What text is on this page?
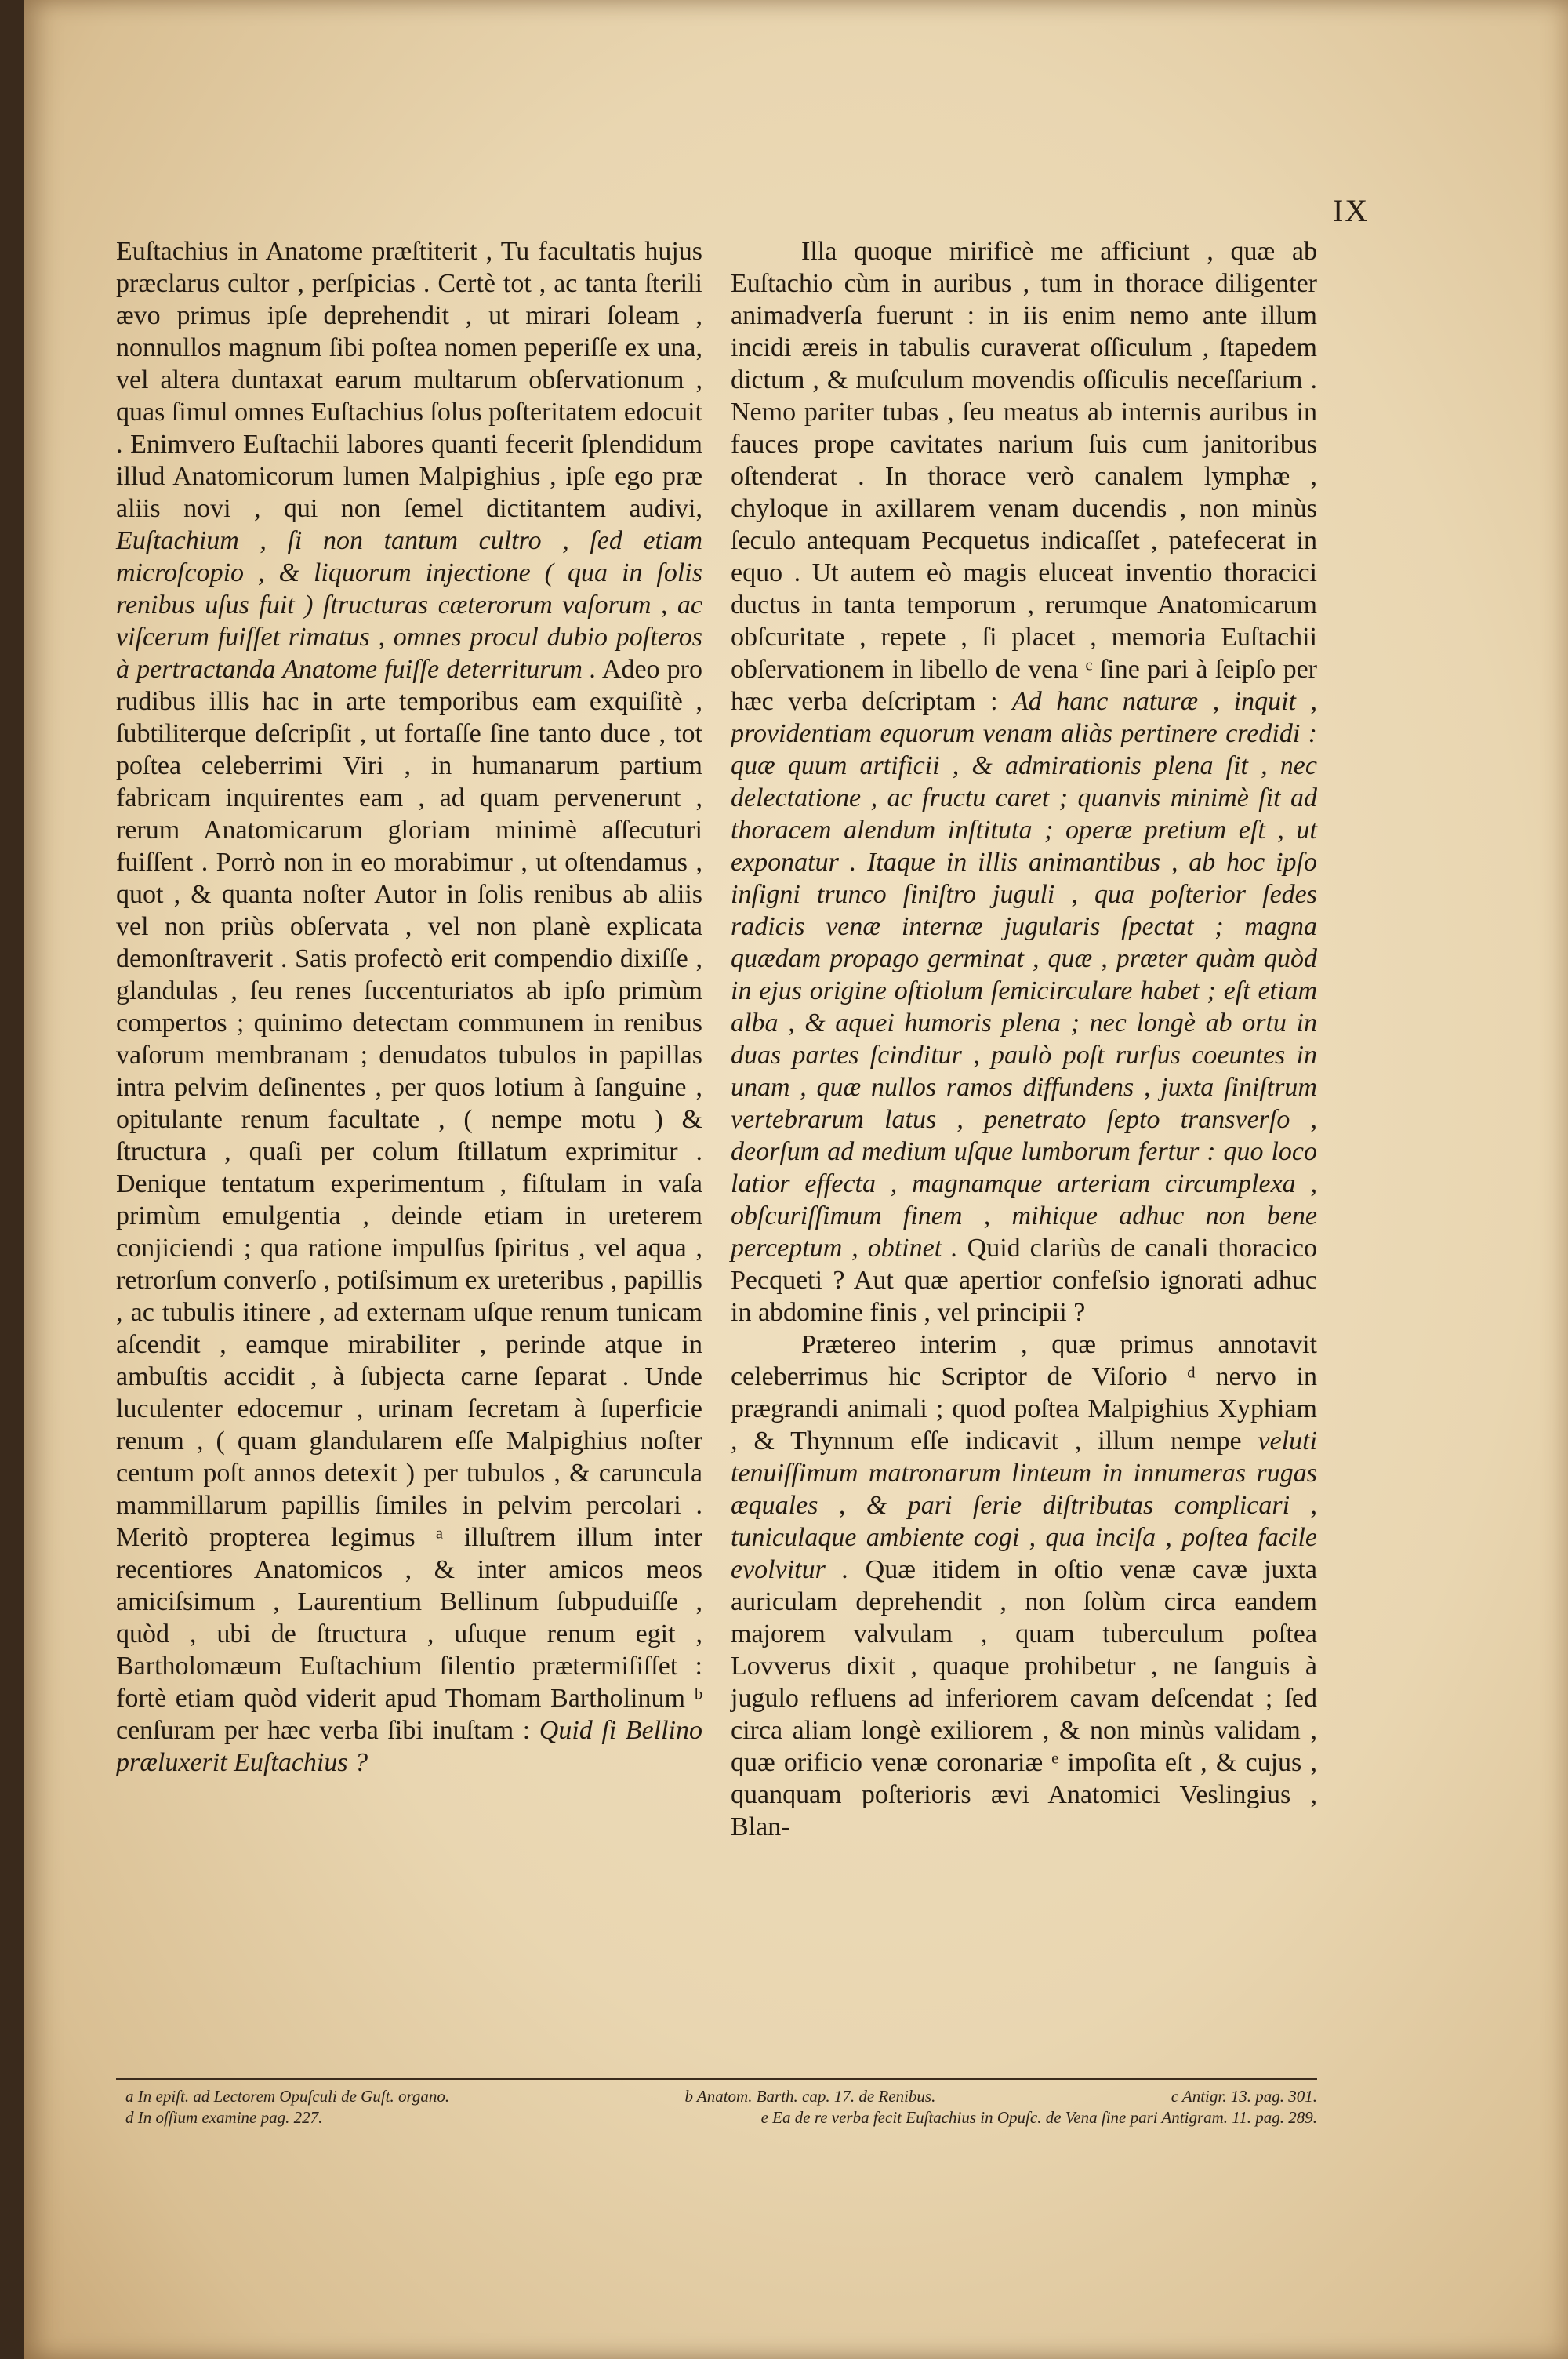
IX

Euſtachius in Anatome præſtiterit , Tu facultatis hujus præclarus cultor , perſpicias . Certè tot , ac tanta ſterili ævo primus ipſe deprehendit , ut mirari ſoleam , nonnullos magnum ſibi poſtea nomen peperiſſe ex una, vel altera duntaxat earum multarum obſervationum , quas ſimul omnes Euſtachius ſolus poſteritatem edocuit . Enimvero Euſtachii labores quanti fecerit ſplendidum illud Anatomicorum lumen Malpighius , ipſe ego præ aliis novi , qui non ſemel dictitantem audivi, Euſtachium , ſi non tantum cultro , ſed etiam microſcopio , & liquorum injectione ( qua in ſolis renibus uſus fuit ) ſtructuras cæterorum vaſorum , ac viſcerum fuiſſet rimatus , omnes procul dubio poſteros à pertractanda Anatome fuiſſe deterriturum . Adeo pro rudibus illis hac in arte temporibus eam exquiſitè , ſubtiliterque deſcripſit , ut fortaſſe ſine tanto duce , tot poſtea celeberrimi Viri , in humanarum partium fabricam inquirentes eam , ad quam pervenerunt , rerum Anatomicarum gloriam minimè aſſecuturi fuiſſent . Porrò non in eo morabimur , ut oſtendamus , quot , & quanta noſter Autor in ſolis renibus ab aliis vel non priùs obſervata , vel non planè explicata demonſtraverit . Satis profectò erit compendio dixiſſe , glandulas , ſeu renes ſuccenturiatos ab ipſo primùm compertos ; quinimo detectam communem in renibus vaſorum membranam ; denudatos tubulos in papillas intra pelvim deſinentes , per quos lotium à ſanguine , opitulante renum facultate , ( nempe motu ) & ſtructura , quaſi per colum ſtillatum exprimitur . Denique tentatum experimentum , fiſtulam in vaſa primùm emulgentia , deinde etiam in ureterem conjiciendi ; qua ratione impulſus ſpiritus , vel aqua , retrorſum converſo , potiſsimum ex ureteribus , papillis , ac tubulis itinere , ad externam uſque renum tunicam aſcendit , eamque mirabiliter , perinde atque in ambuſtis accidit , à ſubjecta carne ſeparat . Unde luculenter edocemur , urinam ſecretam à ſuperficie renum , ( quam glandularem eſſe Malpighius noſter centum poſt annos detexit ) per tubulos , & caruncula mammillarum papillis ſimiles in pelvim percolari . Meritò propterea legimus ᵃ illuſtrem illum inter recentiores Anatomicos , & inter amicos meos amiciſsimum , Laurentium Bellinum ſubpuduiſſe , quòd , ubi de ſtructura , uſuque renum egit , Bartholomæum Euſtachium ſilentio prætermiſiſſet : fortè etiam quòd viderit apud Thomam Bartholinum ᵇ cenſuram per hæc verba ſibi inuſtam : Quid ſi Bellino præluxerit Euſtachius ?

Illa quoque mirificè me afficiunt , quæ ab Euſtachio cùm in auribus , tum in thorace diligenter animadverſa fuerunt : in iis enim nemo ante illum incidi æreis in tabulis curaverat oſſiculum , ſtapedem dictum , & muſculum movendis oſſiculis neceſſarium . Nemo pariter tubas , ſeu meatus ab internis auribus in fauces prope cavitates narium ſuis cum janitoribus oſtenderat . In thorace verò canalem lymphæ , chyloque in axillarem venam ducendis , non minùs ſeculo antequam Pecquetus indicaſſet , patefecerat in equo . Ut autem eò magis eluceat inventio thoracici ductus in tanta temporum , rerumque Anatomicarum obſcuritate , repete , ſi placet , memoria Euſtachii obſervationem in libello de vena ᶜ ſine pari à ſeipſo per hæc verba deſcriptam : Ad hanc naturæ , inquit , providentiam equorum venam aliàs pertinere credidi : quæ quum artificii , & admirationis plena ſit , nec delectatione , ac fructu caret ; quanvis minimè ſit ad thoracem alendum inſtituta ; operæ pretium eſt , ut exponatur . Itaque in illis animantibus , ab hoc ipſo inſigni trunco ſiniſtro juguli , qua poſterior ſedes radicis venæ internæ jugularis ſpectat ; magna quædam propago germinat , quæ , præter quàm quòd in ejus origine oſtiolum ſemicirculare habet ; eſt etiam alba , & aquei humoris plena ; nec longè ab ortu in duas partes ſcinditur , paulò poſt rurſus coeuntes in unam , quæ nullos ramos diffundens , juxta ſiniſtrum vertebrarum latus , penetrato ſepto transverſo , deorſum ad medium uſque lumborum fertur : quo loco latior effecta , magnamque arteriam circumplexa , obſcuriſſimum finem , mihique adhuc non bene perceptum , obtinet . Quid clariùs de canali thoracico Pecqueti ? Aut quæ apertior confeſsio ignorati adhuc in abdomine finis , vel principii ?

Prætereo interim , quæ primus annotavit celeberrimus hic Scriptor de Viſorio ᵈ nervo in prægrandi animali ; quod poſtea Malpighius Xyphiam , & Thynnum eſſe indicavit , illum nempe veluti tenuiſſimum matronarum linteum in innumeras rugas æquales , & pari ſerie diſtributas complicari , tuniculaque ambiente cogi , qua inciſa , poſtea facile evolvitur . Quæ itidem in oſtio venæ cavæ juxta auriculam deprehendit , non ſolùm circa eandem majorem valvulam , quam tuberculum poſtea Lovverus dixit , quaque prohibetur , ne ſanguis à jugulo refluens ad inferiorem cavam deſcendat ; ſed circa aliam longè exiliorem , & non minùs validam , quæ orificio venæ coronariæ ᵉ impoſita eſt , & cujus , quanquam poſterioris ævi Anatomici Veslingius , Blan-

a In epiſt. ad Lectorem Opuſculi de Guſt. organo.	b Anatom. Barth. cap. 17. de Renibus.	c Antigr. 13. pag. 301.
d In oſſium examine pag. 227.	e Ea de re verba fecit Euſtachius in Opuſc. de Vena ſine pari Antigram. 11. pag. 289.
